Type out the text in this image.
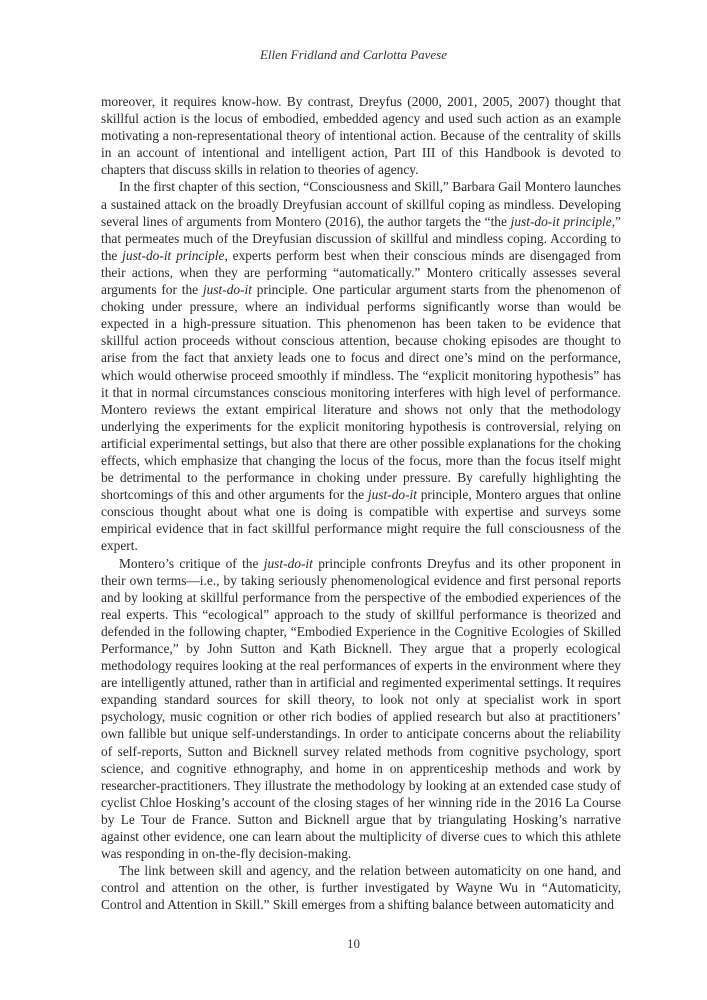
Ellen Fridland and Carlotta Pavese

moreover, it requires know-how. By contrast, Dreyfus (2000, 2001, 2005, 2007) thought that skillful action is the locus of embodied, embedded agency and used such action as an example motivating a non-representational theory of intentional action. Because of the centrality of skills in an account of intentional and intelligent action, Part III of this Handbook is devoted to chapters that discuss skills in relation to theories of agency.

In the first chapter of this section, “Consciousness and Skill,” Barbara Gail Montero launches a sustained attack on the broadly Dreyfusian account of skillful coping as mindless. Developing several lines of arguments from Montero (2016), the author targets the “the just-do-it principle,” that permeates much of the Dreyfusian discussion of skillful and mindless coping. According to the just-do-it principle, experts perform best when their conscious minds are disengaged from their actions, when they are performing “automatically.” Montero critically assesses several arguments for the just-do-it principle. One particular argument starts from the phenomenon of choking under pressure, where an individual performs significantly worse than would be expected in a high-pressure situation. This phenomenon has been taken to be evidence that skillful action proceeds without conscious attention, because choking episodes are thought to arise from the fact that anxiety leads one to focus and direct one’s mind on the performance, which would otherwise proceed smoothly if mindless. The “explicit monitoring hypothesis” has it that in normal circumstances conscious monitoring interferes with high level of performance. Montero reviews the extant empirical literature and shows not only that the methodology underlying the experiments for the explicit monitoring hypothesis is controversial, relying on artificial experimental settings, but also that there are other possible explanations for the choking effects, which emphasize that changing the locus of the focus, more than the focus itself might be detrimental to the performance in choking under pressure. By carefully highlighting the shortcomings of this and other arguments for the just-do-it principle, Montero argues that online conscious thought about what one is doing is compatible with expertise and surveys some empirical evidence that in fact skillful performance might require the full consciousness of the expert.

Montero’s critique of the just-do-it principle confronts Dreyfus and its other proponent in their own terms—i.e., by taking seriously phenomenological evidence and first personal reports and by looking at skillful performance from the perspective of the embodied experiences of the real experts. This “ecological” approach to the study of skillful performance is theorized and defended in the following chapter, “Embodied Experience in the Cognitive Ecologies of Skilled Performance,” by John Sutton and Kath Bicknell. They argue that a properly ecological methodology requires looking at the real performances of experts in the environment where they are intelligently attuned, rather than in artificial and regimented experimental settings. It requires expanding standard sources for skill theory, to look not only at specialist work in sport psychology, music cognition or other rich bodies of applied research but also at practitioners’ own fallible but unique self-understandings. In order to anticipate concerns about the reliability of self-reports, Sutton and Bicknell survey related methods from cognitive psychology, sport science, and cognitive ethnography, and home in on apprenticeship methods and work by researcher-practitioners. They illustrate the methodology by looking at an extended case study of cyclist Chloe Hosking’s account of the closing stages of her winning ride in the 2016 La Course by Le Tour de France. Sutton and Bicknell argue that by triangulating Hosking’s narrative against other evidence, one can learn about the multiplicity of diverse cues to which this athlete was responding in on-the-fly decision-making.

The link between skill and agency, and the relation between automaticity on one hand, and control and attention on the other, is further investigated by Wayne Wu in “Automaticity, Control and Attention in Skill.” Skill emerges from a shifting balance between automaticity and

10
